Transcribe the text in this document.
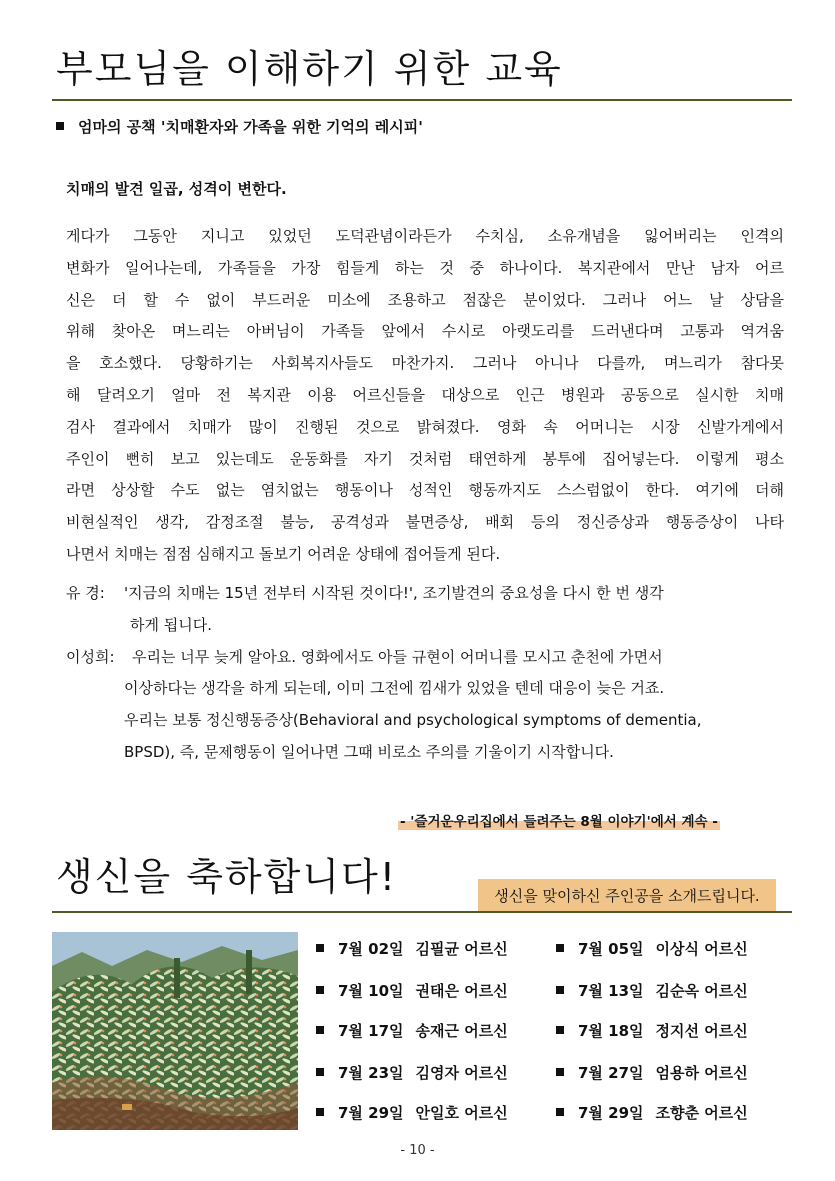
부모님을 이해하기 위한 교육
엄마의 공책 '치매환자와 가족을 위한 기억의 레시피'
치매의 발견 일곱, 성격이 변한다.
게다가 그동안 지니고 있었던 도덕관념이라든가 수치심, 소유개념을 잃어버리는 인격의
변화가 일어나는데, 가족들을 가장 힘들게 하는 것 중 하나이다. 복지관에서 만난 남자 어르
신은 더 할 수 없이 부드러운 미소에 조용하고 점잖은 분이었다. 그러나 어느 날 상담을
위해 찾아온 며느리는 아버님이 가족들 앞에서 수시로 아랫도리를 드러낸다며 고통과 역겨움
을 호소했다. 당황하기는 사회복지사들도 마찬가지. 그러나 아니나 다를까, 며느리가 참다못
해 달려오기 얼마 전 복지관 이용 어르신들을 대상으로 인근 병원과 공동으로 실시한 치매
검사 결과에서 치매가 많이 진행된 것으로 밝혀졌다. 영화 속 어머니는 시장 신발가게에서
주인이 뻔히 보고 있는데도 운동화를 자기 것처럼 태연하게 봉투에 집어넣는다. 이렇게 평소
라면 상상할 수도 없는 염치없는 행동이나 성적인 행동까지도 스스럼없이 한다. 여기에 더해
비현실적인 생각, 감정조절 불능, 공격성과 불면증상, 배회 등의 정신증상과 행동증상이 나타
나면서 치매는 점점 심해지고 돌보기 어려운 상태에 접어들게 된다.
유 경: '지금의 치매는 15년 전부터 시작된 것이다!', 조기발견의 중요성을 다시 한 번 생각
하게 됩니다.
이성희: 우리는 너무 늦게 알아요. 영화에서도 아들 규현이 어머니를 모시고 춘천에 가면서
이상하다는 생각을 하게 되는데, 이미 그전에 낌새가 있었을 텐데 대응이 늦은 거죠.
우리는 보통 정신행동증상(Behavioral and psychological symptoms of dementia,
BPSD), 즉, 문제행동이 일어나면 그때 비로소 주의를 기울이기 시작합니다.
- '즐거운우리집에서 들려주는 8월 이야기'에서 계속 -
생신을 축하합니다!	생신을 맞이하신 주인공을 소개드립니다.
7월 02일 김필균 어르신	7월 05일 이상식 어르신
7월 10일 권태은 어르신	7월 13일 김순옥 어르신
7월 17일 송재근 어르신	7월 18일 정지선 어르신
7월 23일 김영자 어르신	7월 27일 엄용하 어르신
7월 29일 안일호 어르신	7월 29일 조향춘 어르신
- 10 -
